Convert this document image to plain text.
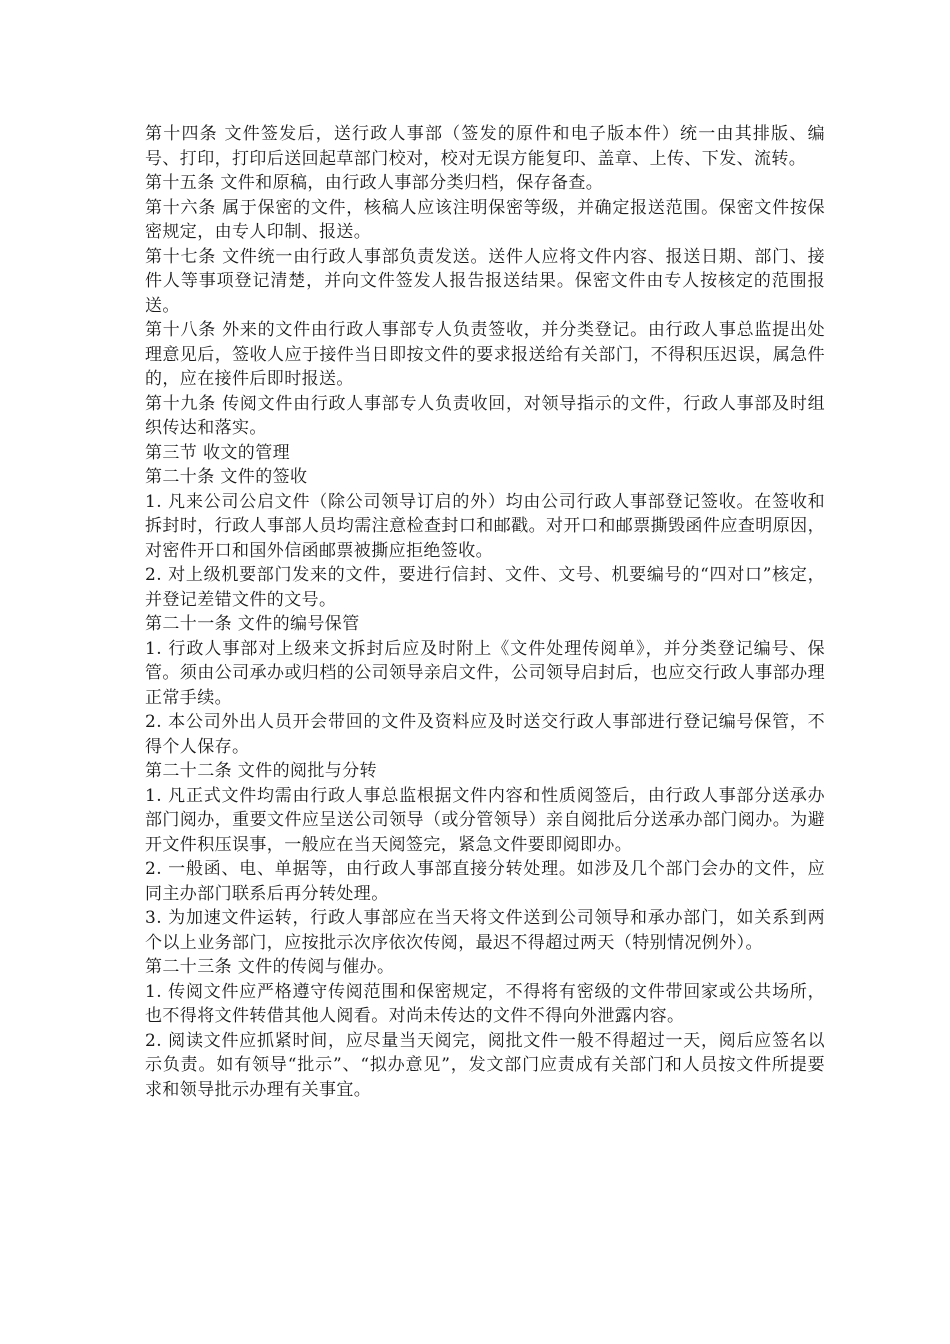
第十四条 文件签发后，送行政人事部（签发的原件和电子版本件）统一由其排版、编号、打印，打印后送回起草部门校对，校对无误方能复印、盖章、上传、下发、流转。

第十五条 文件和原稿，由行政人事部分类归档，保存备查。

第十六条 属于保密的文件，核稿人应该注明保密等级，并确定报送范围。保密文件按保密规定，由专人印制、报送。

第十七条 文件统一由行政人事部负责发送。送件人应将文件内容、报送日期、部门、接件人等事项登记清楚，并向文件签发人报告报送结果。保密文件由专人按核定的范围报送。

第十八条 外来的文件由行政人事部专人负责签收，并分类登记。由行政人事总监提出处理意见后，签收人应于接件当日即按文件的要求报送给有关部门，不得积压迟误，属急件的，应在接件后即时报送。

第十九条 传阅文件由行政人事部专人负责收回，对领导指示的文件，行政人事部及时组织传达和落实。

第三节 收文的管理

第二十条 文件的签收

1. 凡来公司公启文件（除公司领导订启的外）均由公司行政人事部登记签收。在签收和拆封时，行政人事部人员均需注意检查封口和邮戳。对开口和邮票撕毁函件应查明原因，对密件开口和国外信函邮票被撕应拒绝签收。

2. 对上级机要部门发来的文件，要进行信封、文件、文号、机要编号的“四对口”核定，并登记差错文件的文号。

第二十一条 文件的编号保管

1. 行政人事部对上级来文拆封后应及时附上《文件处理传阅单》，并分类登记编号、保管。须由公司承办或归档的公司领导亲启文件，公司领导启封后，也应交行政人事部办理正常手续。

2. 本公司外出人员开会带回的文件及资料应及时送交行政人事部进行登记编号保管，不得个人保存。

第二十二条 文件的阅批与分转

1. 凡正式文件均需由行政人事总监根据文件内容和性质阅签后，由行政人事部分送承办部门阅办，重要文件应呈送公司领导（或分管领导）亲自阅批后分送承办部门阅办。为避开文件积压误事，一般应在当天阅签完，紧急文件要即阅即办。

2. 一般函、电、单据等，由行政人事部直接分转处理。如涉及几个部门会办的文件，应同主办部门联系后再分转处理。

3. 为加速文件运转，行政人事部应在当天将文件送到公司领导和承办部门，如关系到两个以上业务部门，应按批示次序依次传阅，最迟不得超过两天（特别情况例外）。

第二十三条 文件的传阅与催办。

1. 传阅文件应严格遵守传阅范围和保密规定，不得将有密级的文件带回家或公共场所，也不得将文件转借其他人阅看。对尚未传达的文件不得向外泄露内容。

2. 阅读文件应抓紧时间，应尽量当天阅完，阅批文件一般不得超过一天，阅后应签名以示负责。如有领导“批示”、“拟办意见”，发文部门应责成有关部门和人员按文件所提要求和领导批示办理有关事宜。
